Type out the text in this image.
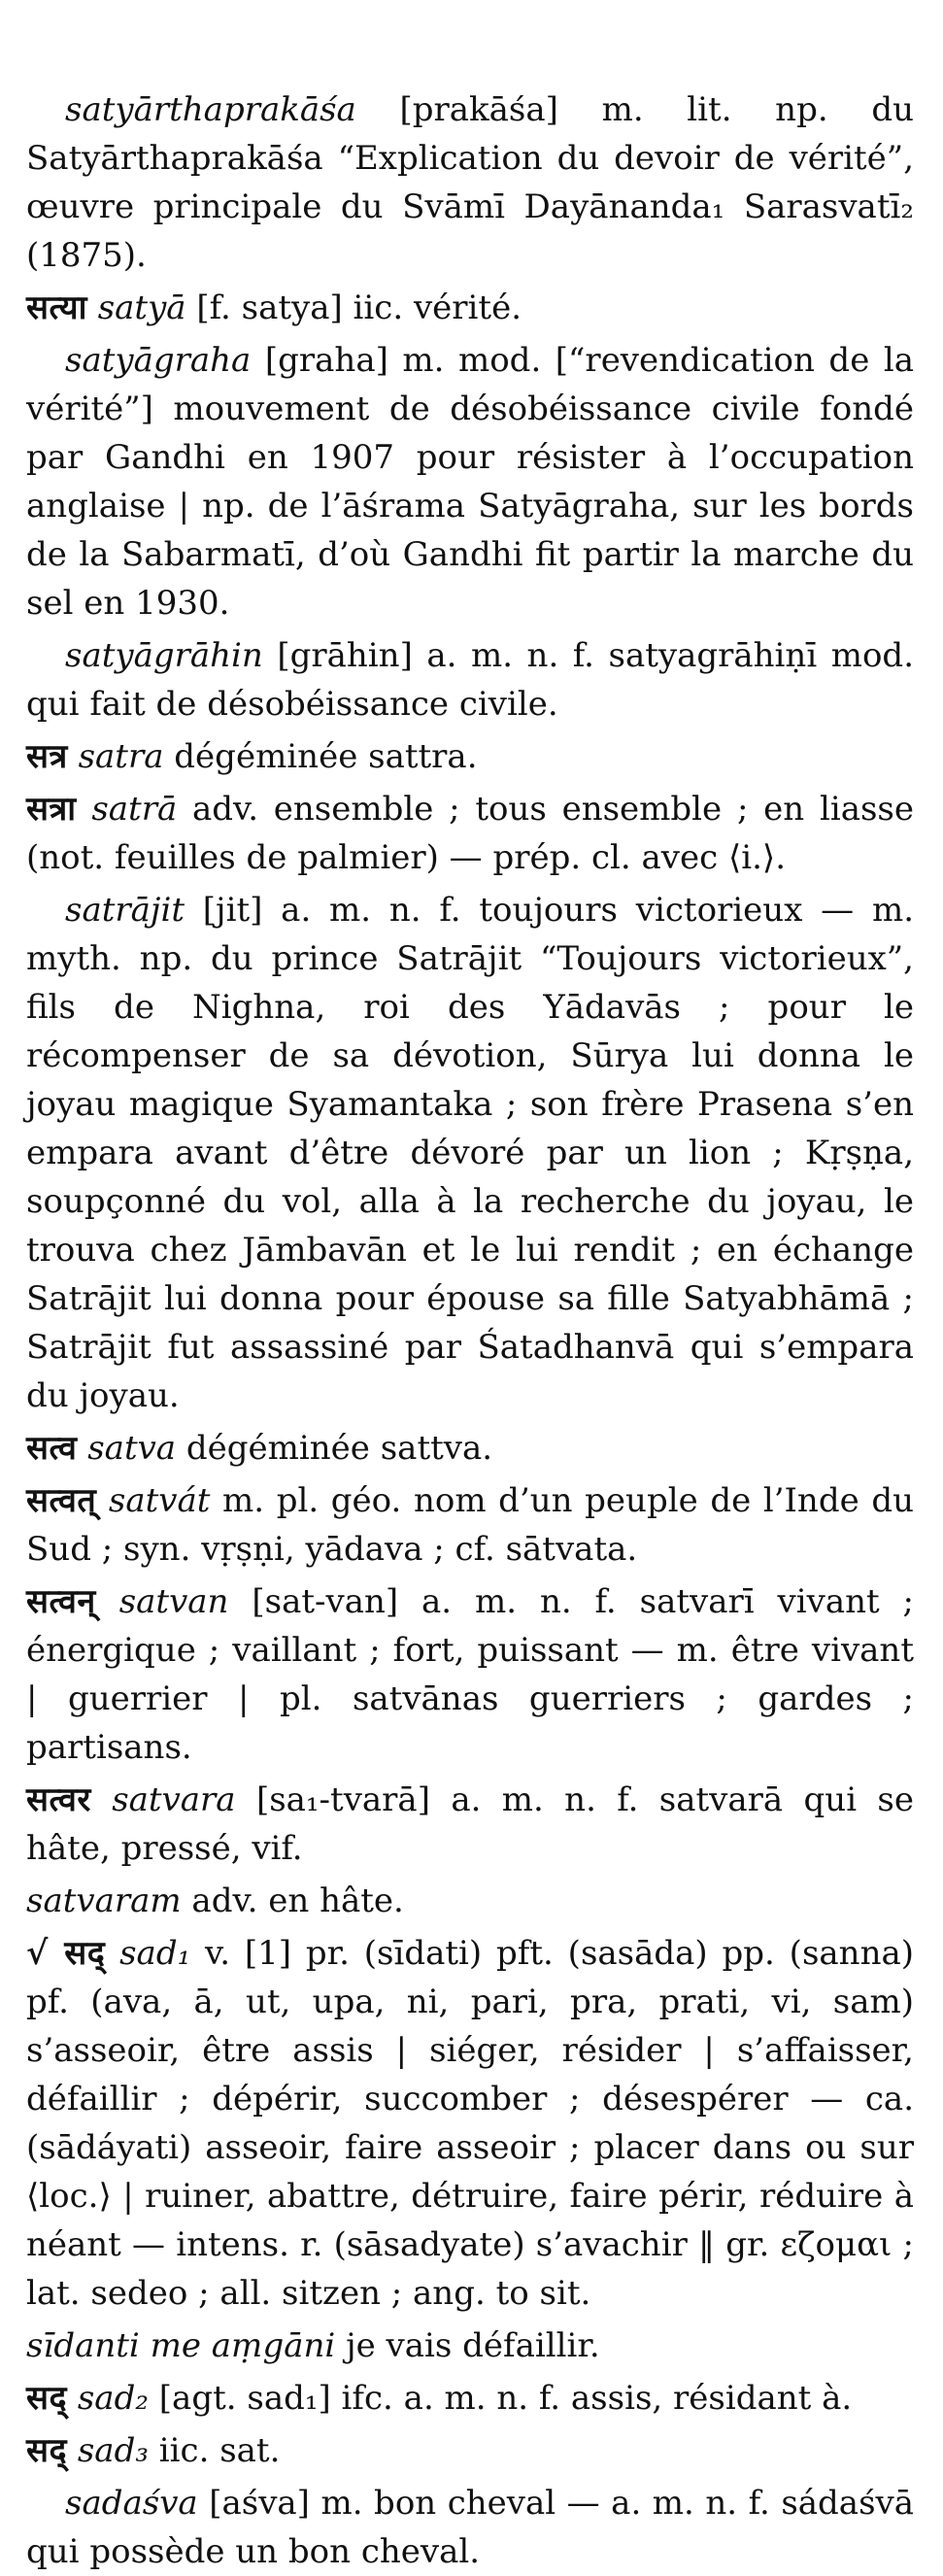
satyārthaprakāśa [prakāśa] m. lit. np. du Satyārthaprakāśa “Explication du devoir de vérité”, œuvre principale du Svāmī Dayānanda₁ Sarasvatī₂ (1875).

सत्या satyā [f. satya] iic. vérité.

satyāgraha [graha] m. mod. [“revendication de la vérité”] mouvement de désobéissance civile fondé par Gandhi en 1907 pour résister à l’occupation anglaise | np. de l’āśrama Satyāgraha, sur les bords de la Sabarmatī, d’où Gandhi fit partir la marche du sel en 1930.

satyāgrāhin [grāhin] a. m. n. f. satyagrāhiṇī mod. qui fait de désobéissance civile.

सत्र satra dégéminée sattra.

सत्रा satrā adv. ensemble ; tous ensemble ; en liasse (not. feuilles de palmier) — prép. cl. avec ⟨i.⟩.

satrājit [jit] a. m. n. f. toujours victorieux — m. myth. np. du prince Satrājit “Toujours victorieux”, fils de Nighna, roi des Yādavās ; pour le récompenser de sa dévotion, Sūrya lui donna le joyau magique Syamantaka ; son frère Prasena s’en empara avant d’être dévoré par un lion ; Kṛṣṇa, soupçonné du vol, alla à la recherche du joyau, le trouva chez Jāmbavān et le lui rendit ; en échange Satrājit lui donna pour épouse sa fille Satyabhāmā ; Satrājit fut assassiné par Śatadhanvā qui s’empara du joyau.

सत्व satva dégéminée sattva.

सत्वत् satvát m. pl. géo. nom d’un peuple de l’Inde du Sud ; syn. vṛṣṇi, yādava ; cf. sātvata.

सत्वन् satvan [sat-van] a. m. n. f. satvarī vivant ; énergique ; vaillant ; fort, puissant — m. être vivant | guerrier | pl. satvānas guerriers ; gardes ; partisans.

सत्वर satvara [sa₁-tvarā] a. m. n. f. satvarā qui se hâte, pressé, vif.

satvaram adv. en hâte.

√ सद् sad₁ v. [1] pr. (sīdati) pft. (sasāda) pp. (sanna) pf. (ava, ā, ut, upa, ni, pari, pra, prati, vi, sam) s’asseoir, être assis | siéger, résider | s’affaisser, défaillir ; dépérir, succomber ; désespérer — ca. (sādáyati) asseoir, faire asseoir ; placer dans ou sur ⟨loc.⟩ | ruiner, abattre, détruire, faire périr, réduire à néant — intens. r. (sāsadyate) s’avachir ‖ gr. εζομαι ; lat. sedeo ; all. sitzen ; ang. to sit.

sīdanti me aṃgāni je vais défaillir.

सद् sad₂ [agt. sad₁] ifc. a. m. n. f. assis, résidant à.

सद् sad₃ iic. sat.

sadaśva [aśva] m. bon cheval — a. m. n. f. sádaśvā qui possède un bon cheval.
